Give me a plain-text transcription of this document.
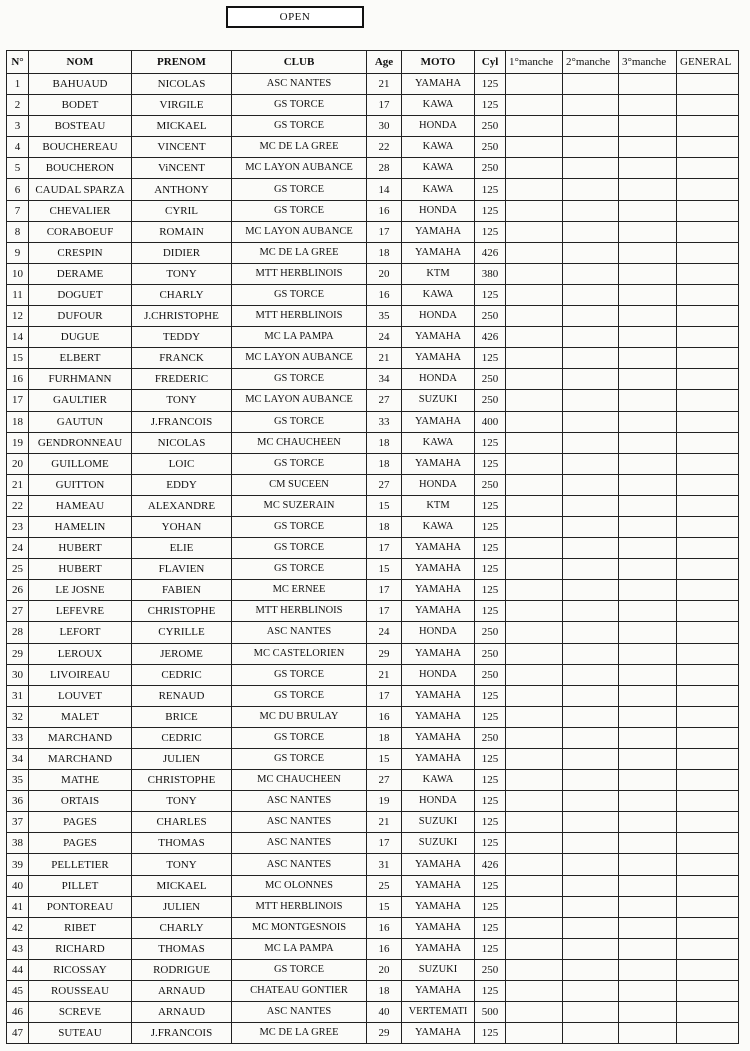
OPEN
N°	NOM	PRENOM	CLUB	Age	MOTO	Cyl	1°manche	2°manche	3°manche	GENERAL
1	BAHUAUD	NICOLAS	ASC NANTES	21	YAMAHA	125				
2	BODET	VIRGILE	GS TORCE	17	KAWA	125				
3	BOSTEAU	MICKAEL	GS TORCE	30	HONDA	250				
4	BOUCHEREAU	VINCENT	MC DE LA GREE	22	KAWA	250				
5	BOUCHERON	ViNCENT	MC LAYON AUBANCE	28	KAWA	250				
6	CAUDAL SPARZA	ANTHONY	GS TORCE	14	KAWA	125				
7	CHEVALIER	CYRIL	GS TORCE	16	HONDA	125				
8	CORABOEUF	ROMAIN	MC LAYON AUBANCE	17	YAMAHA	125				
9	CRESPIN	DIDIER	MC DE LA GREE	18	YAMAHA	426				
10	DERAME	TONY	MTT HERBLINOIS	20	KTM	380				
11	DOGUET	CHARLY	GS TORCE	16	KAWA	125				
12	DUFOUR	J.CHRISTOPHE	MTT HERBLINOIS	35	HONDA	250				
14	DUGUE	TEDDY	MC LA PAMPA	24	YAMAHA	426				
15	ELBERT	FRANCK	MC LAYON AUBANCE	21	YAMAHA	125				
16	FURHMANN	FREDERIC	GS TORCE	34	HONDA	250				
17	GAULTIER	TONY	MC LAYON AUBANCE	27	SUZUKI	250				
18	GAUTUN	J.FRANCOIS	GS TORCE	33	YAMAHA	400				
19	GENDRONNEAU	NICOLAS	MC CHAUCHEEN	18	KAWA	125				
20	GUILLOME	LOIC	GS TORCE	18	YAMAHA	125				
21	GUITTON	EDDY	CM SUCEEN	27	HONDA	250				
22	HAMEAU	ALEXANDRE	MC SUZERAIN	15	KTM	125				
23	HAMELIN	YOHAN	GS TORCE	18	KAWA	125				
24	HUBERT	ELIE	GS TORCE	17	YAMAHA	125				
25	HUBERT	FLAVIEN	GS TORCE	15	YAMAHA	125				
26	LE JOSNE	FABIEN	MC ERNEE	17	YAMAHA	125				
27	LEFEVRE	CHRISTOPHE	MTT HERBLINOIS	17	YAMAHA	125				
28	LEFORT	CYRILLE	ASC NANTES	24	HONDA	250				
29	LEROUX	JEROME	MC CASTELORIEN	29	YAMAHA	250				
30	LIVOIREAU	CEDRIC	GS TORCE	21	HONDA	250				
31	LOUVET	RENAUD	GS TORCE	17	YAMAHA	125				
32	MALET	BRICE	MC DU BRULAY	16	YAMAHA	125				
33	MARCHAND	CEDRIC	GS TORCE	18	YAMAHA	250				
34	MARCHAND	JULIEN	GS TORCE	15	YAMAHA	125				
35	MATHE	CHRISTOPHE	MC CHAUCHEEN	27	KAWA	125				
36	ORTAIS	TONY	ASC NANTES	19	HONDA	125				
37	PAGES	CHARLES	ASC NANTES	21	SUZUKI	125				
38	PAGES	THOMAS	ASC NANTES	17	SUZUKI	125				
39	PELLETIER	TONY	ASC NANTES	31	YAMAHA	426				
40	PILLET	MICKAEL	MC OLONNES	25	YAMAHA	125				
41	PONTOREAU	JULIEN	MTT HERBLINOIS	15	YAMAHA	125				
42	RIBET	CHARLY	MC MONTGESNOIS	16	YAMAHA	125				
43	RICHARD	THOMAS	MC LA PAMPA	16	YAMAHA	125				
44	RICOSSAY	RODRIGUE	GS TORCE	20	SUZUKI	250				
45	ROUSSEAU	ARNAUD	CHATEAU GONTIER	18	YAMAHA	125				
46	SCREVE	ARNAUD	ASC NANTES	40	VERTEMATI	500				
47	SUTEAU	J.FRANCOIS	MC DE LA GREE	29	YAMAHA	125				
